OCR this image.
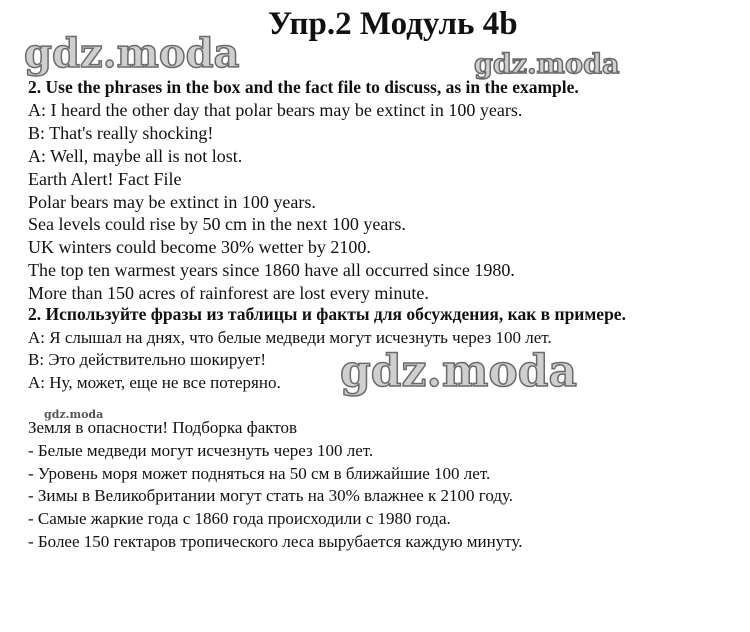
Упр.2 Модуль 4b
gdz.moda	gdz.moda
gdz.moda
gdz.moda
2. Use the phrases in the box and the fact file to discuss, as in the example.
A: I heard the other day that polar bears may be extinct in 100 years.
B: That's really shocking!
A: Well, maybe all is not lost.
Earth Alert! Fact File
Polar bears may be extinct in 100 years.
Sea levels could rise by 50 cm in the next 100 years.
UK winters could become 30% wetter by 2100.
The top ten warmest years since 1860 have all occurred since 1980.
More than 150 acres of rainforest are lost every minute.
2. Используйте фразы из таблицы и факты для обсуждения, как в примере.
А: Я слышал на днях, что белые медведи могут исчезнуть через 100 лет.
В: Это действительно шокирует!
А: Ну, может, еще не все потеряно.
Земля в опасности! Подборка фактов
- Белые медведи могут исчезнуть через 100 лет.
- Уровень моря может подняться на 50 см в ближайшие 100 лет.
- Зимы в Великобритании могут стать на 30% влажнее к 2100 году.
- Самые жаркие года с 1860 года происходили с 1980 года.
- Более 150 гектаров тропического леса вырубается каждую минуту.
